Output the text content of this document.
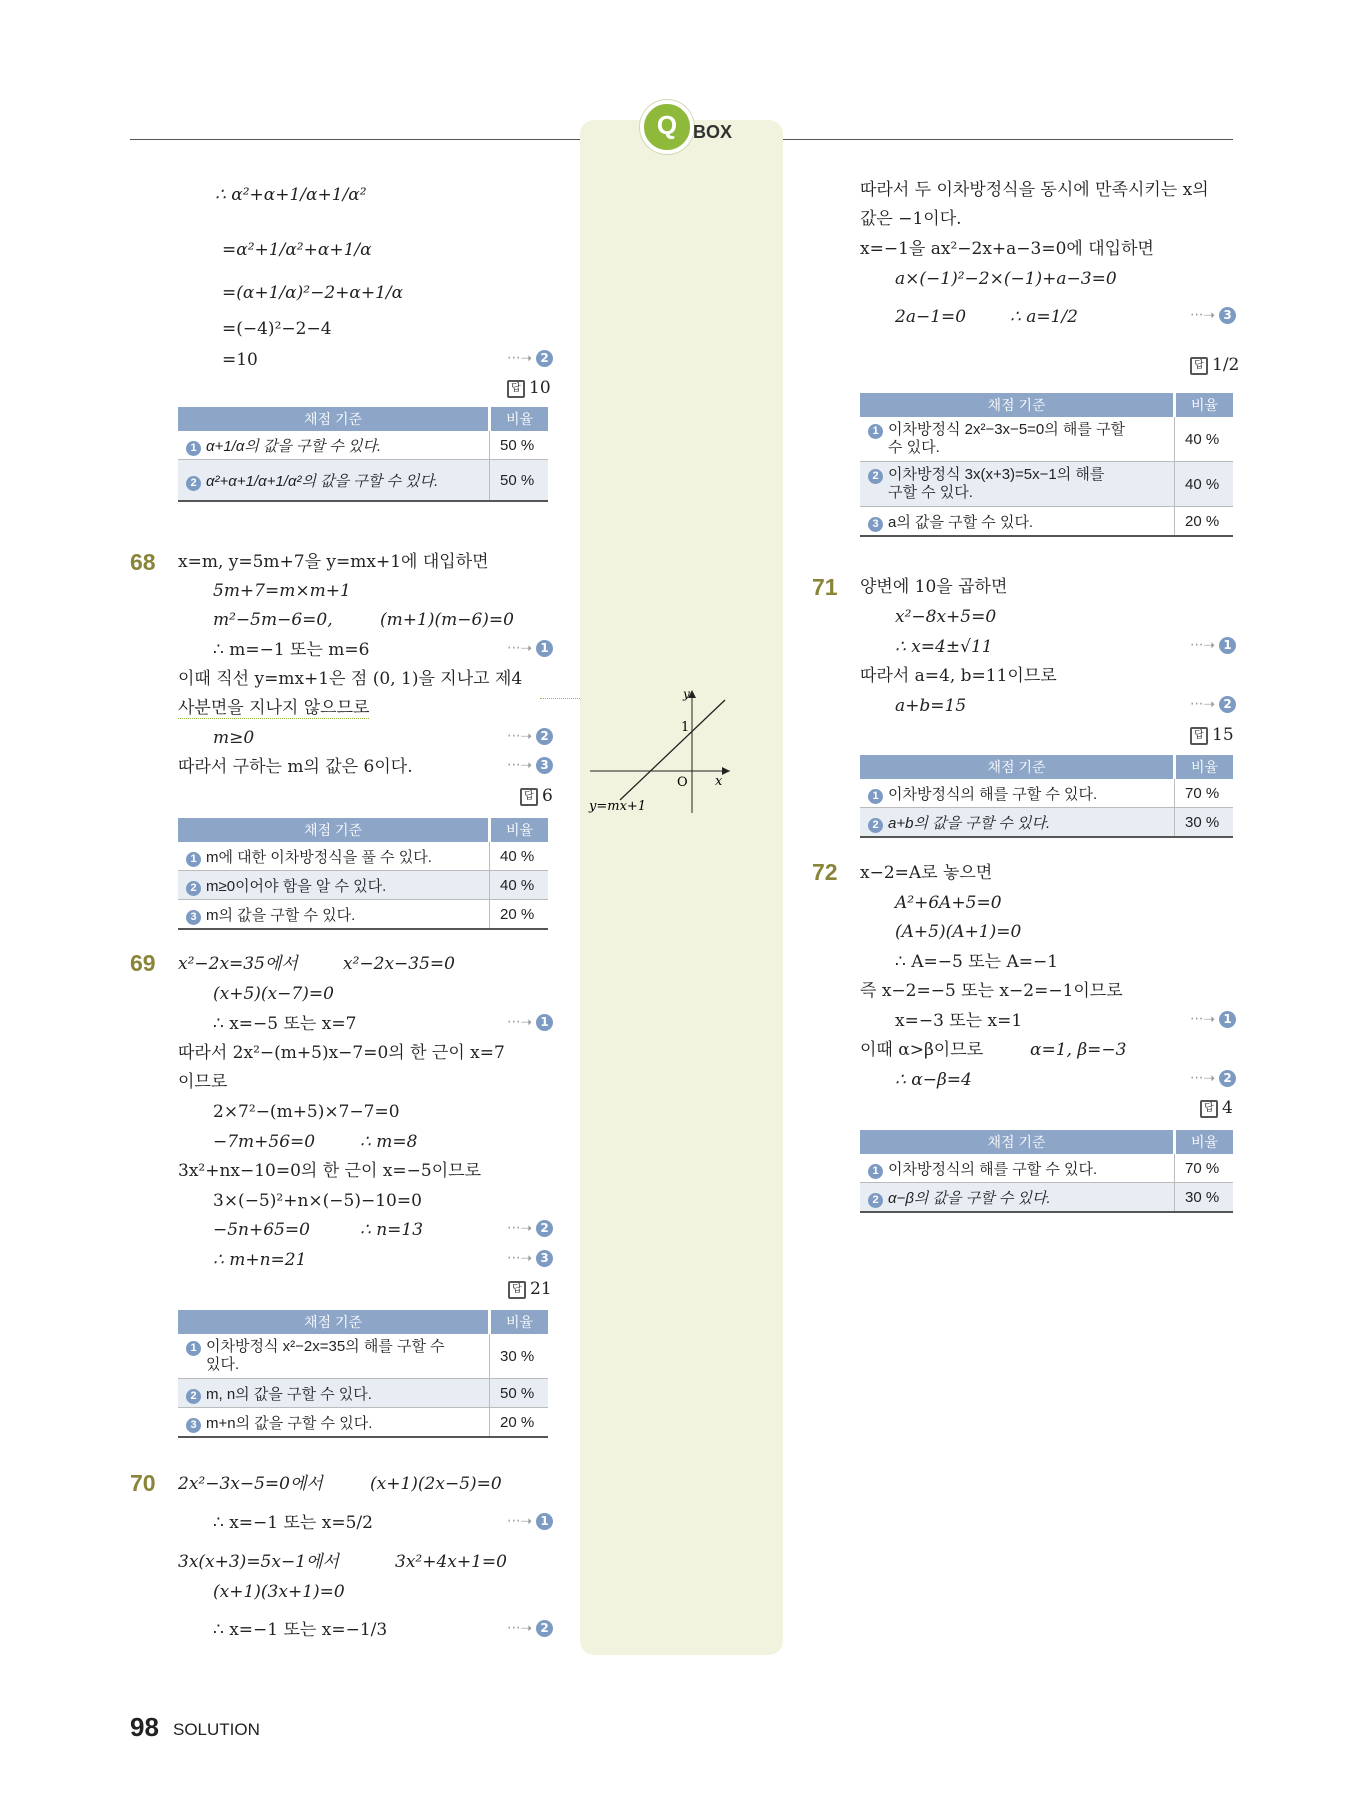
Q BOX
∴ α²+α+1/α+1/α²
=α²+1/α²+α+1/α
=(α+1/α)²−2+α+1/α
=(−4)²−2−4
=10	···➝ 2
답 10
채점 기준	비율
1 α+1/α의 값을 구할 수 있다.	50 %
2 α²+α+1/α+1/α²의 값을 구할 수 있다.	50 %
68 x=m, y=5m+7을 y=mx+1에 대입하면
5m+7=m×m+1
m²−5m−6=0,	(m+1)(m−6)=0
∴ m=−1 또는 m=6	···➝ 1
이때 직선 y=mx+1은 점 (0, 1)을 지나고 제4
사분면을 지나지 않으므로
m≥0	···➝ 2
따라서 구하는 m의 값은 6이다.	···➝ 3
답 6
채점 기준	비율
1 m에 대한 이차방정식을 풀 수 있다.	40 %
2 m≥0이어야 함을 알 수 있다.	40 %
3 m의 값을 구할 수 있다.	20 %
y
x
O
1
y=mx+1
69 x²−2x=35에서	x²−2x−35=0
(x+5)(x−7)=0
∴ x=−5 또는 x=7	···➝ 1
따라서 2x²−(m+5)x−7=0의 한 근이 x=7
이므로
2×7²−(m+5)×7−7=0
−7m+56=0	∴ m=8
3x²+nx−10=0의 한 근이 x=−5이므로
3×(−5)²+n×(−5)−10=0
−5n+65=0	∴ n=13	···➝ 2
∴ m+n=21	···➝ 3
답 21
채점 기준	비율
1 이차방정식 x²−2x=35의 해를 구할 수
있다.	30 %
2 m, n의 값을 구할 수 있다.	50 %
3 m+n의 값을 구할 수 있다.	20 %
70 2x²−3x−5=0에서	(x+1)(2x−5)=0
∴ x=−1 또는 x=5/2	···➝ 1
3x(x+3)=5x−1에서	3x²+4x+1=0
(x+1)(3x+1)=0
∴ x=−1 또는 x=−1/3	···➝ 2
따라서 두 이차방정식을 동시에 만족시키는 x의
값은 −1이다.
x=−1을 ax²−2x+a−3=0에 대입하면
a×(−1)²−2×(−1)+a−3=0
2a−1=0	∴ a=1/2	···➝ 3
답 1/2
채점 기준	비율
1 이차방정식 2x²−3x−5=0의 해를 구할
수 있다.	40 %
2 이차방정식 3x(x+3)=5x−1의 해를
구할 수 있다.	40 %
3 a의 값을 구할 수 있다.	20 %
71 양변에 10을 곱하면
x²−8x+5=0
∴ x=4±√11	···➝ 1
따라서 a=4, b=11이므로
a+b=15	···➝ 2
답 15
채점 기준	비율
1 이차방정식의 해를 구할 수 있다.	70 %
2 a+b의 값을 구할 수 있다.	30 %
72 x−2=A로 놓으면
A²+6A+5=0
(A+5)(A+1)=0
∴ A=−5 또는 A=−1
즉 x−2=−5 또는 x−2=−1이므로
x=−3 또는 x=1	···➝ 1
이때 α>β이므로	α=1, β=−3
∴ α−β=4	···➝ 2
답 4
채점 기준	비율
1 이차방정식의 해를 구할 수 있다.	70 %
2 α−β의 값을 구할 수 있다.	30 %
98 SOLUTION
